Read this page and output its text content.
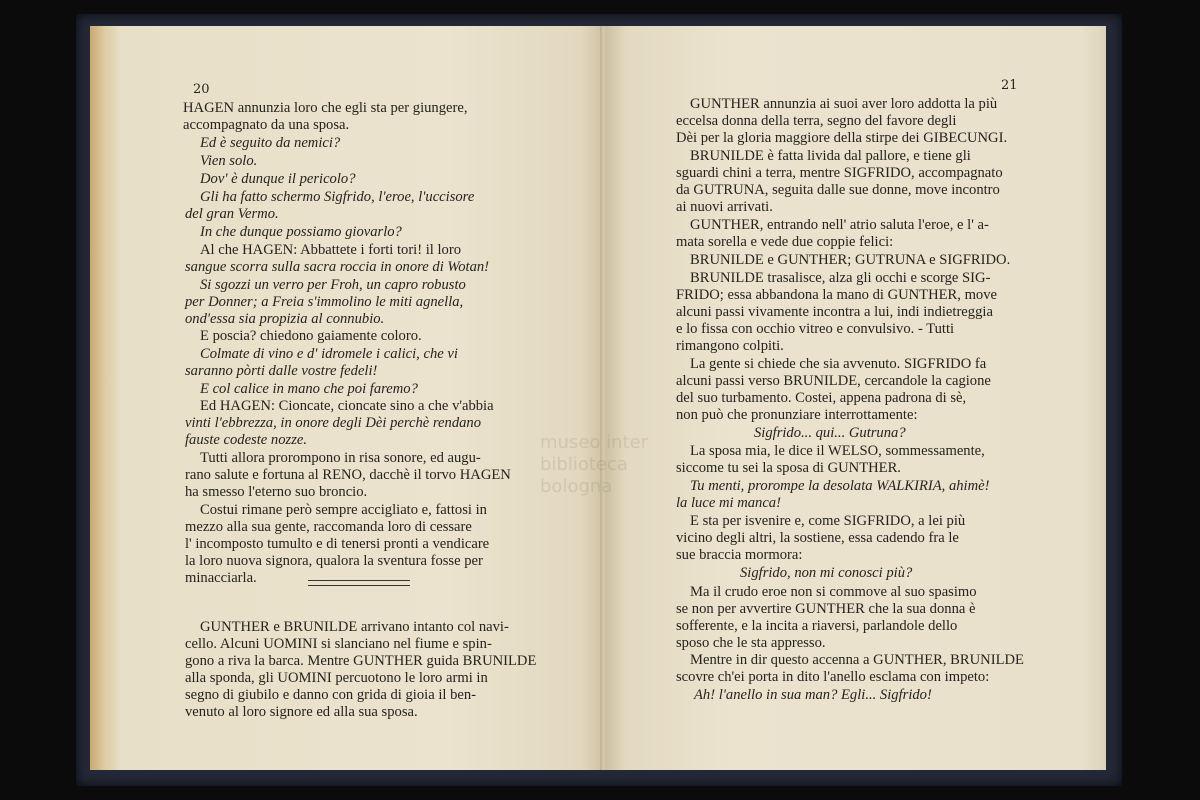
20
HAGEN annunzia loro che egli sta per giungere,
accompagnato da una sposa.
Ed è seguito da nemici?
Vien solo.
Dov' è dunque il pericolo?
Gli ha fatto schermo Sigfrido, l'eroe, l'uccisore
del gran Vermo.
In che dunque possiamo giovarlo?
Al che HAGEN: Abbattete i forti tori! il loro
sangue scorra sulla sacra roccia in onore di Wotan!
Si sgozzi un verro per Froh, un capro robusto
per Donner; a Freia s'immolino le miti agnella,
ond'essa sia propizia al connubio.
E poscia? chiedono gaiamente coloro.
Colmate di vino e d' idromele i calici, che vi
saranno pòrti dalle vostre fedeli!
E col calice in mano che poi faremo?
Ed HAGEN: Cioncate, cioncate sino a che v'abbia
vinti l'ebbrezza, in onore degli Dèi perchè rendano
fauste codeste nozze.
Tutti allora prorompono in risa sonore, ed augu-
rano salute e fortuna al RENO, dacchè il torvo HAGEN
ha smesso l'eterno suo broncio.
Costui rimane però sempre accigliato e, fattosi in
mezzo alla sua gente, raccomanda loro di cessare
l' incomposto tumulto e di tenersi pronti a vendicare
la loro nuova signora, qualora la sventura fosse per
minacciarla.
GUNTHER e BRUNILDE arrivano intanto col navi-
cello. Alcuni UOMINI si slanciano nel fiume e spin-
gono a riva la barca. Mentre GUNTHER guida BRUNILDE
alla sponda, gli UOMINI percuotono le loro armi in
segno di giubilo e danno con grida di gioia il ben-
venuto al loro signore ed alla sua sposa.
21
GUNTHER annunzia ai suoi aver loro addotta la più
eccelsa donna della terra, segno del favore degli
Dèi per la gloria maggiore della stirpe dei GIBECUNGI.
BRUNILDE è fatta livida dal pallore, e tiene gli
sguardi chini a terra, mentre SIGFRIDO, accompagnato
da GUTRUNA, seguita dalle sue donne, move incontro
ai nuovi arrivati.
GUNTHER, entrando nell' atrio saluta l'eroe, e l' a-
mata sorella e vede due coppie felici:
BRUNILDE e GUNTHER; GUTRUNA e SIGFRIDO.
BRUNILDE trasalisce, alza gli occhi e scorge SIG-
FRIDO; essa abbandona la mano di GUNTHER, move
alcuni passi vivamente incontra a lui, indi indietreggia
e lo fissa con occhio vitreo e convulsivo. - Tutti
rimangono colpiti.
La gente si chiede che sia avvenuto. SIGFRIDO fa
alcuni passi verso BRUNILDE, cercandole la cagione
del suo turbamento. Costei, appena padrona di sè,
non può che pronunziare interrottamente:
Sigfrido... qui... Gutruna?
La sposa mia, le dice il WELSO, sommessamente,
siccome tu sei la sposa di GUNTHER.
Tu menti, prorompe la desolata WALKIRIA, ahimè!
la luce mi manca!
E sta per isvenire e, come SIGFRIDO, a lei più
vicino degli altri, la sostiene, essa cadendo fra le
sue braccia mormora:
Sigfrido, non mi conosci più?
Ma il crudo eroe non si commove al suo spasimo
se non per avvertire GUNTHER che la sua donna è
sofferente, e la incita a riaversi, parlandole dello
sposo che le sta appresso.
Mentre in dir questo accenna a GUNTHER, BRUNILDE
scovre ch'ei porta in dito l'anello esclama con impeto:
Ah! l'anello in sua man? Egli... Sigfrido!
museo inter
biblioteca
bologna
